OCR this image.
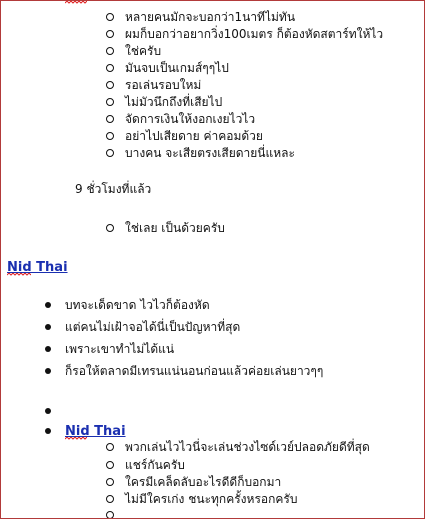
หลายคนมักจะบอกว่า1นาทีไม่ทัน
ผมก็บอกว่าอยากวิ่ง100เมตร ก็ต้องหัดสตาร์ทให้ไว
ใช่ครับ
มันจบเป็นเกมส์ๆๆไป
รอเล่นรอบใหม่
ไม่มัวนึกถึงที่เสียไป
จัดการเงินให้งอกเงยไวไว
อย่าไปเสียดาย ค่าคอมด้วย
บางคน จะเสียตรงเสียดายนี่แหละ
9 ชั่วโมงที่แล้ว
ใช่เลย เป็นด้วยครับ
Nid Thai
บทจะเด็ดขาด ไวไวก็ต้องหัด
แต่คนไม่เฝ้าจอได้นี่เป็นปัญหาที่สุด
เพราะเขาทำไม่ได้แน่
ก็รอให้ตลาดมีเทรนแน่นอนก่อนแล้วค่อยเล่นยาวๆๆ
Nid Thai
พวกเล่นไวไวนี่จะเล่นช่วงไซด์เวย์ปลอดภัยดีที่สุด
แชร์กันครับ
ใครมีเคล็ดลับอะไรดีดีก็บอกมา
ไม่มีใครเก่ง ชนะทุกครั้งหรอกครับ
